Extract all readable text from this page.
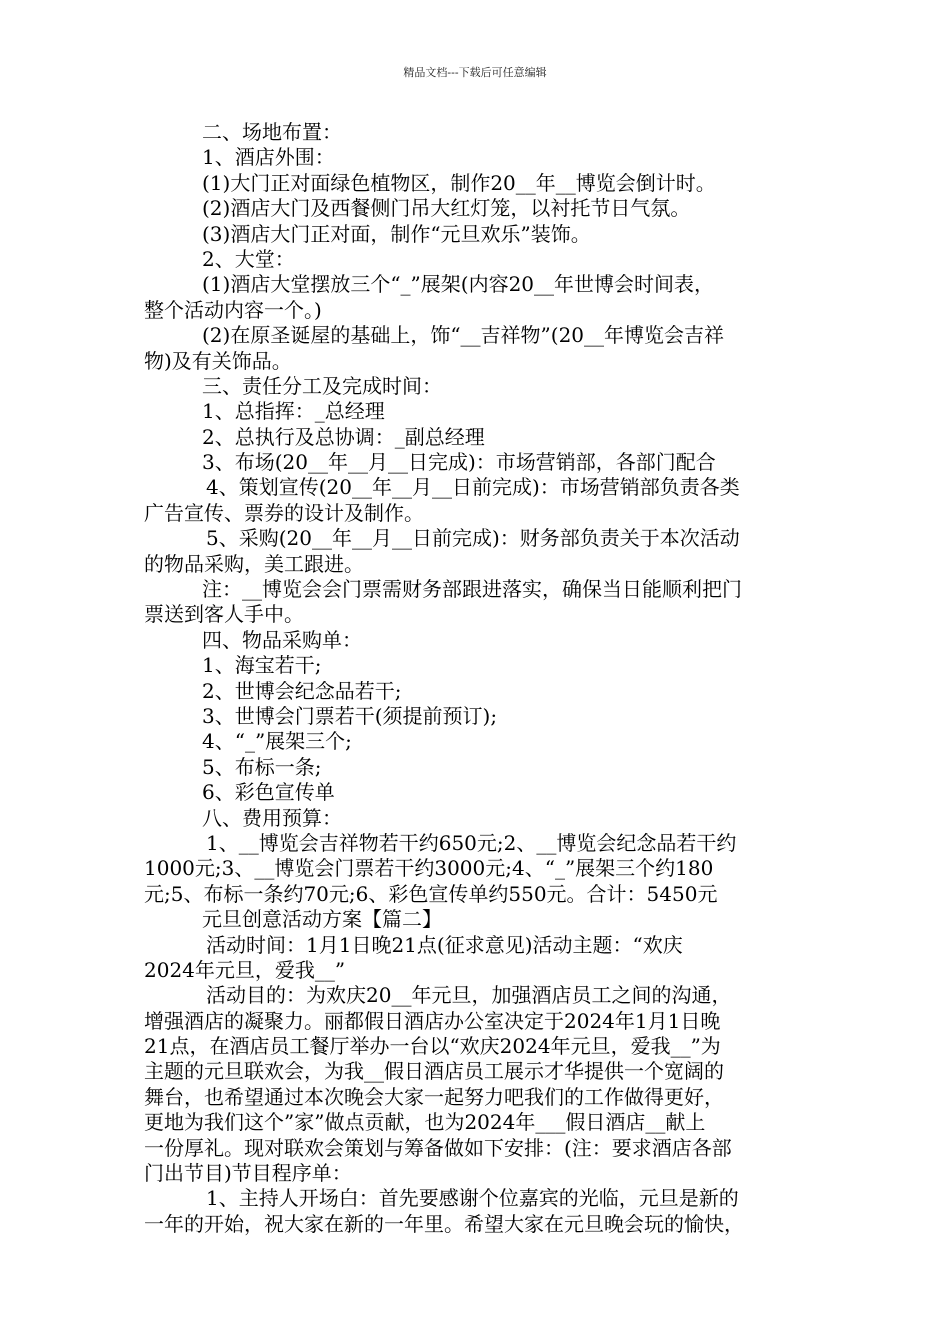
精品文档---下载后可任意编辑
二、场地布置：
1、酒店外围：
(1)大门正对面绿色植物区，制作20__年__博览会倒计时。
(2)酒店大门及西餐侧门吊大红灯笼，以衬托节日气氛。
(3)酒店大门正对面，制作“元旦欢乐”装饰。
2、大堂：
(1)酒店大堂摆放三个“_”展架(内容20__年世博会时间表，
整个活动内容一个。)
(2)在原圣诞屋的基础上，饰“__吉祥物”(20__年博览会吉祥
物)及有关饰品。
三、责任分工及完成时间：
1、总指挥：_总经理
2、总执行及总协调：_副总经理
3、布场(20__年__月__日完成)：市场营销部，各部门配合
4、策划宣传(20__年__月__日前完成)：市场营销部负责各类
广告宣传、票券的设计及制作。
5、采购(20__年__月__日前完成)：财务部负责关于本次活动
的物品采购，美工跟进。
注：__博览会会门票需财务部跟进落实，确保当日能顺利把门
票送到客人手中。
四、物品采购单：
1、海宝若干;
2、世博会纪念品若干;
3、世博会门票若干(须提前预订);
4、“_”展架三个;
5、布标一条;
6、彩色宣传单
八、费用预算：
1、__博览会吉祥物若干约650元;2、__博览会纪念品若干约
1000元;3、__博览会门票若干约3000元;4、“_”展架三个约180
元;5、布标一条约70元;6、彩色宣传单约550元。合计：5450元
元旦创意活动方案【篇二】
活动时间：1月1日晚21点(征求意见)活动主题：“欢庆
2024年元旦，爱我__”
活动目的：为欢庆20__年元旦，加强酒店员工之间的沟通，
增强酒店的凝聚力。丽都假日酒店办公室决定于2024年1月1日晚
21点，在酒店员工餐厅举办一台以“欢庆2024年元旦，爱我__”为
主题的元旦联欢会，为我__假日酒店员工展示才华提供一个宽阔的
舞台，也希望通过本次晚会大家一起努力吧我们的工作做得更好，
更地为我们这个”家”做点贡献，也为2024年___假日酒店__献上
一份厚礼。现对联欢会策划与筹备做如下安排：(注：要求酒店各部
门出节目)节目程序单：
1、主持人开场白：首先要感谢个位嘉宾的光临，元旦是新的
一年的开始，祝大家在新的一年里。希望大家在元旦晚会玩的愉快，
